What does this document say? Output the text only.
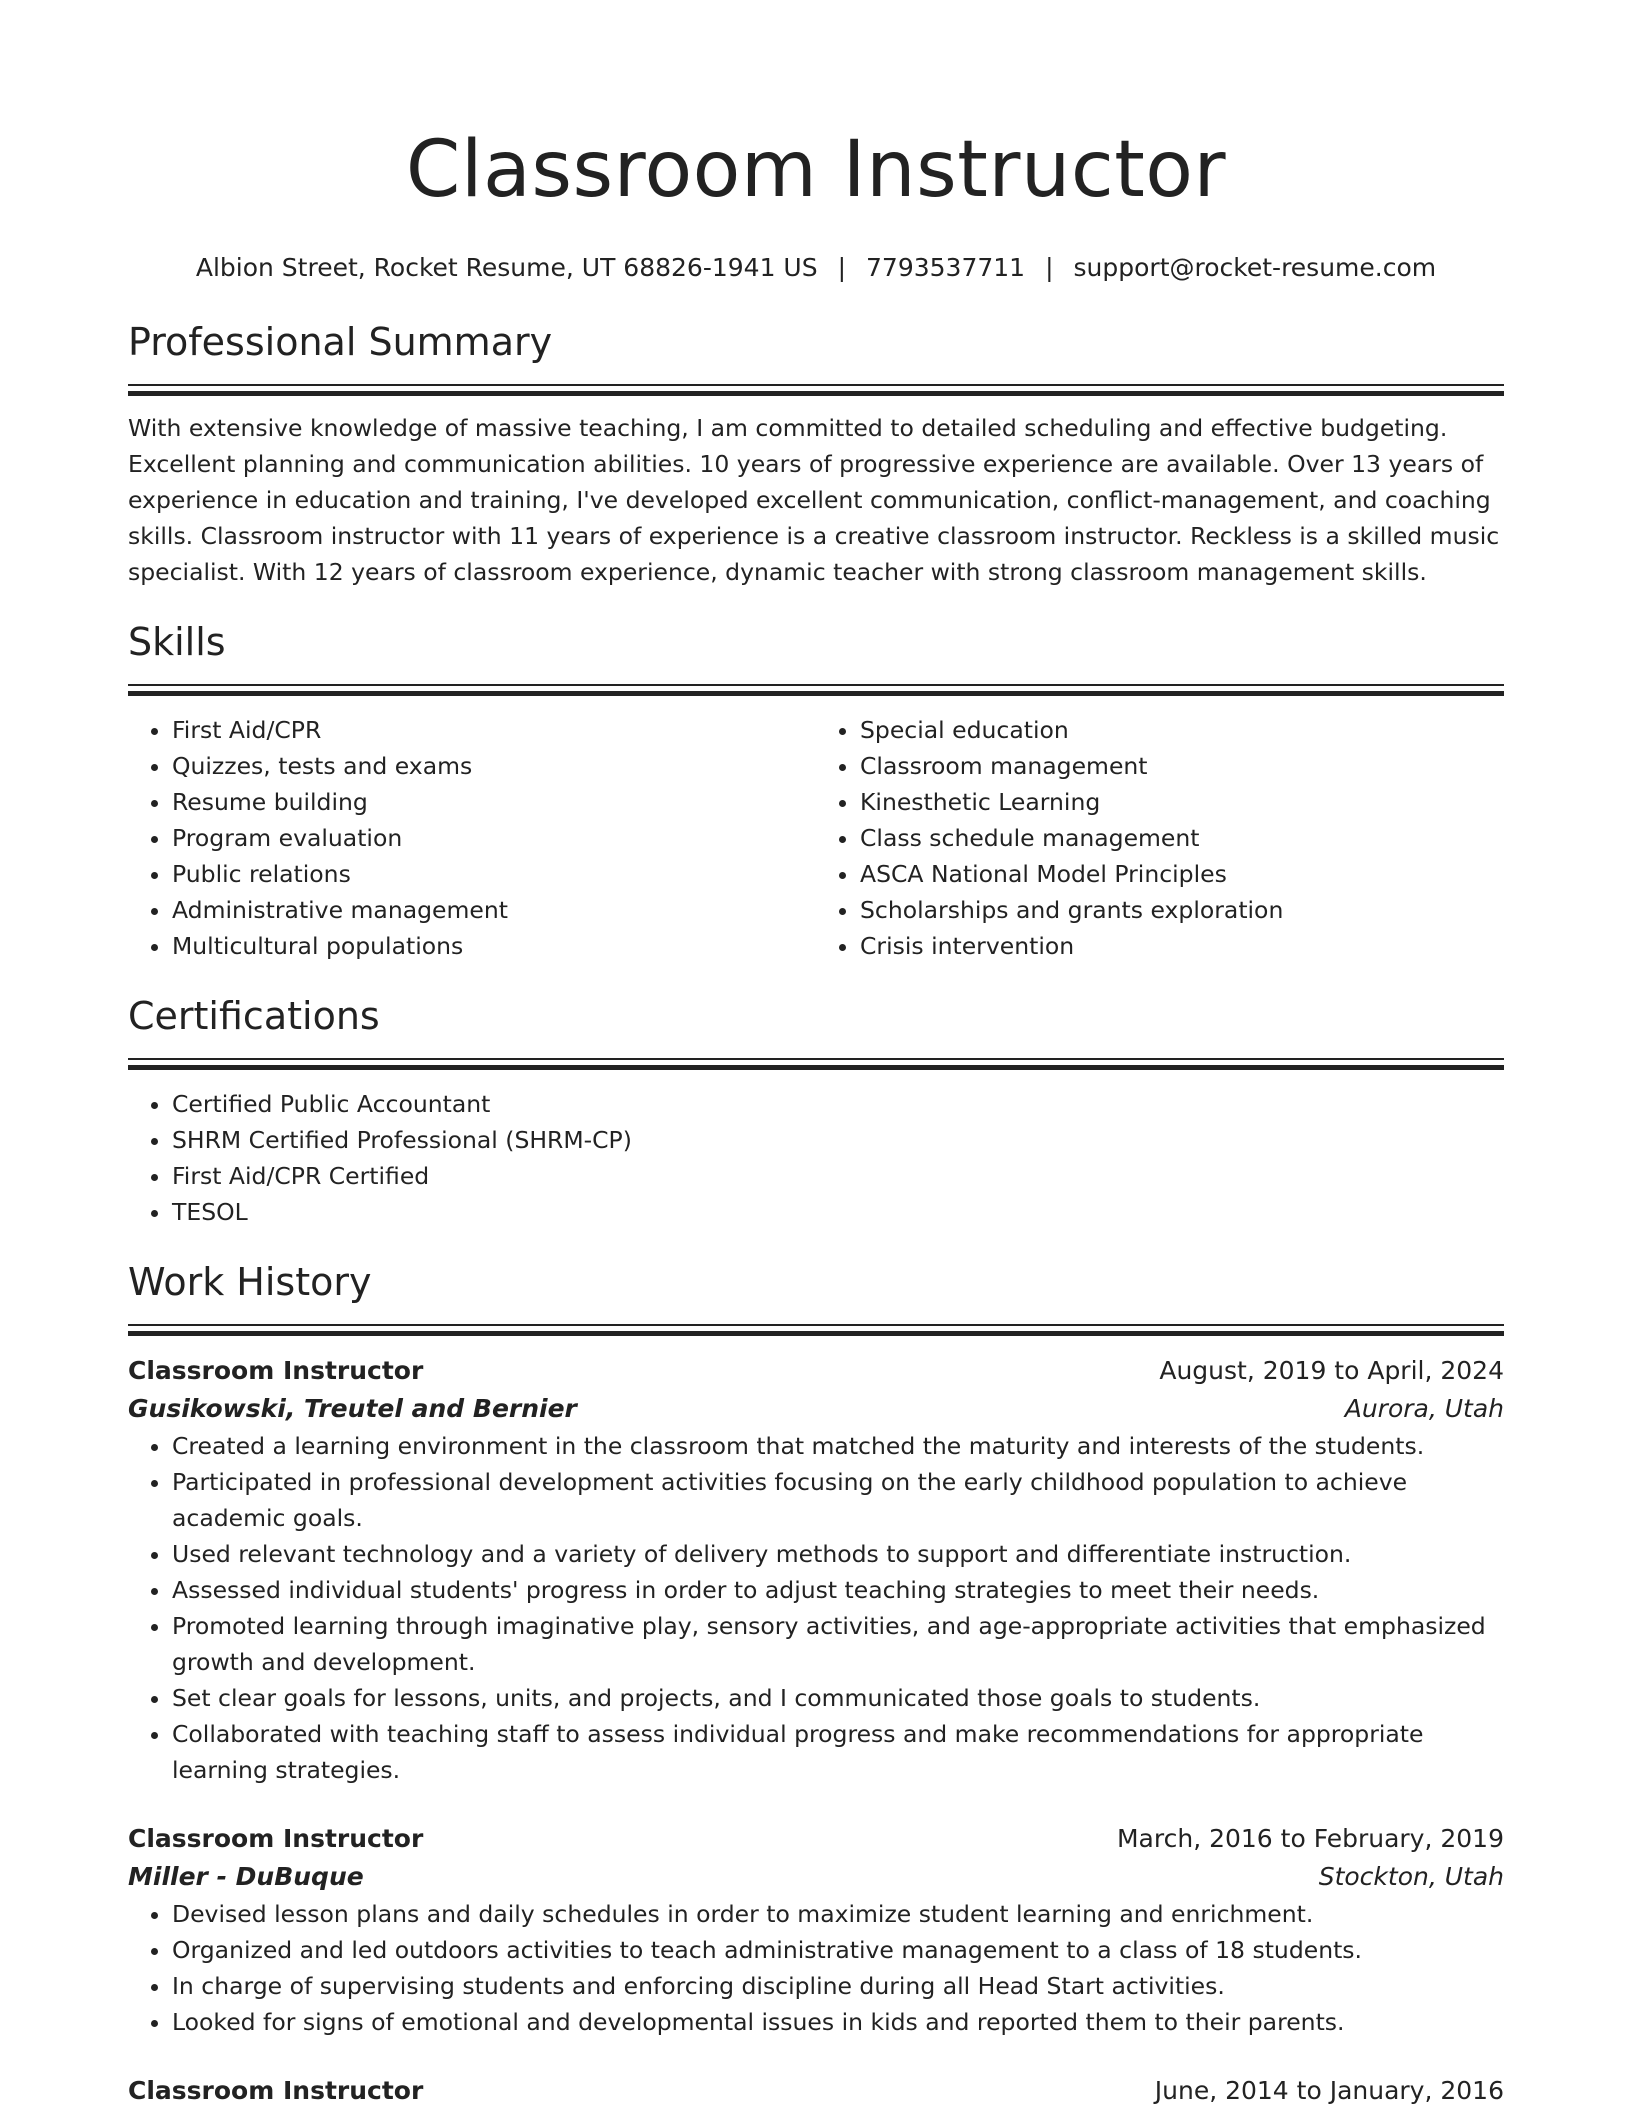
Classroom Instructor
Albion Street, Rocket Resume, UT 68826-1941 US | 7793537711 | support@rocket-resume.com
Professional Summary

With extensive knowledge of massive teaching, I am committed to detailed scheduling and effective budgeting. Excellent planning and communication abilities. 10 years of progressive experience are available. Over 13 years of experience in education and training, I've developed excellent communication, conflict-management, and coaching skills. Classroom instructor with 11 years of experience is a creative classroom instructor. Reckless is a skilled music specialist. With 12 years of classroom experience, dynamic teacher with strong classroom management skills.

Skills
• First Aid/CPR
• Quizzes, tests and exams
• Resume building
• Program evaluation
• Public relations
• Administrative management
• Multicultural populations
• Special education
• Classroom management
• Kinesthetic Learning
• Class schedule management
• ASCA National Model Principles
• Scholarships and grants exploration
• Crisis intervention
Certifications
• Certified Public Accountant
• SHRM Certified Professional (SHRM-CP)
• First Aid/CPR Certified
• TESOL
Work History
Classroom Instructor	August, 2019 to April, 2024
Gusikowski, Treutel and Bernier	Aurora, Utah
• Created a learning environment in the classroom that matched the maturity and interests of the students.
• Participated in professional development activities focusing on the early childhood population to achieve academic goals.
• Used relevant technology and a variety of delivery methods to support and differentiate instruction.
• Assessed individual students' progress in order to adjust teaching strategies to meet their needs.
• Promoted learning through imaginative play, sensory activities, and age-appropriate activities that emphasized growth and development.
• Set clear goals for lessons, units, and projects, and I communicated those goals to students.
• Collaborated with teaching staff to assess individual progress and make recommendations for appropriate learning strategies.
Classroom Instructor	March, 2016 to February, 2019
Miller - DuBuque	Stockton, Utah
• Devised lesson plans and daily schedules in order to maximize student learning and enrichment.
• Organized and led outdoors activities to teach administrative management to a class of 18 students.
• In charge of supervising students and enforcing discipline during all Head Start activities.
• Looked for signs of emotional and developmental issues in kids and reported them to their parents.
Classroom Instructor	June, 2014 to January, 2016
